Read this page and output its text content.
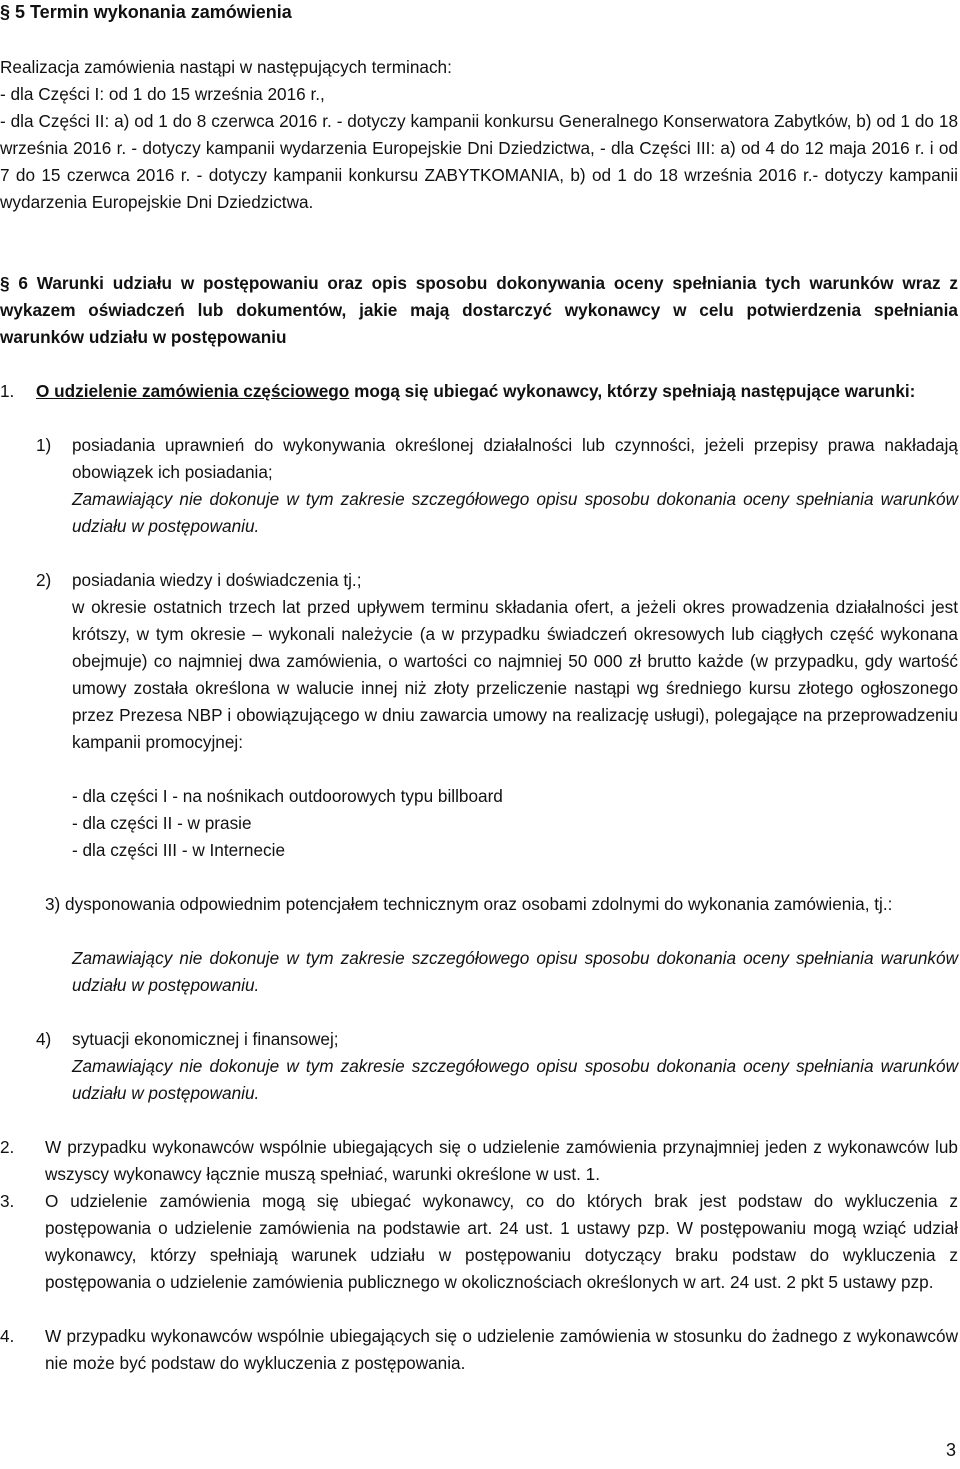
§ 5 Termin wykonania zamówienia
Realizacja zamówienia nastąpi w następujących terminach:
- dla Części I: od 1 do 15 września 2016 r.,
- dla Części II: a) od 1 do 8 czerwca 2016 r. - dotyczy kampanii konkursu Generalnego Konserwatora Zabytków, b) od 1 do 18 września 2016 r. - dotyczy kampanii wydarzenia Europejskie Dni Dziedzictwa, - dla Części III: a) od 4 do 12 maja 2016 r. i od 7 do 15 czerwca 2016 r. - dotyczy kampanii konkursu ZABYTKOMANIA, b) od 1 do 18 września 2016 r.- dotyczy kampanii wydarzenia Europejskie Dni Dziedzictwa.
§ 6 Warunki udziału w postępowaniu oraz opis sposobu dokonywania oceny spełniania tych warunków wraz z wykazem oświadczeń lub dokumentów, jakie mają dostarczyć wykonawcy w celu potwierdzenia spełniania warunków udziału w postępowaniu
1. O udzielenie zamówienia częściowego mogą się ubiegać wykonawcy, którzy spełniają następujące warunki:
1) posiadania uprawnień do wykonywania określonej działalności lub czynności, jeżeli przepisy prawa nakładają obowiązek ich posiadania;
Zamawiający nie dokonuje w tym zakresie szczegółowego opisu sposobu dokonania oceny spełniania warunków udziału w postępowaniu.
2) posiadania wiedzy i doświadczenia tj.;
w okresie ostatnich trzech lat przed upływem terminu składania ofert, a jeżeli okres prowadzenia działalności jest krótszy, w tym okresie – wykonali należycie (a w przypadku świadczeń okresowych lub ciągłych część wykonana obejmuje) co najmniej dwa zamówienia, o wartości co najmniej 50 000 zł brutto każde (w przypadku, gdy wartość umowy została określona w walucie innej niż złoty przeliczenie nastąpi wg średniego kursu złotego ogłoszonego przez Prezesa NBP i obowiązującego w dniu zawarcia umowy na realizację usługi), polegające na przeprowadzeniu kampanii promocyjnej:
- dla części I - na nośnikach outdoorowych typu billboard
- dla części II - w prasie
- dla części III - w Internecie
3) dysponowania odpowiednim potencjałem technicznym oraz osobami zdolnymi do wykonania zamówienia, tj.:
Zamawiający nie dokonuje w tym zakresie szczegółowego opisu sposobu dokonania oceny spełniania warunków udziału w postępowaniu.
4) sytuacji ekonomicznej i finansowej;
Zamawiający nie dokonuje w tym zakresie szczegółowego opisu sposobu dokonania oceny spełniania warunków udziału w postępowaniu.
2. W przypadku wykonawców wspólnie ubiegających się o udzielenie zamówienia przynajmniej jeden z wykonawców lub wszyscy wykonawcy łącznie muszą spełniać, warunki określone w ust. 1.
3. O udzielenie zamówienia mogą się ubiegać wykonawcy, co do których brak jest podstaw do wykluczenia z postępowania o udzielenie zamówienia na podstawie art. 24 ust. 1 ustawy pzp. W postępowaniu mogą wziąć udział wykonawcy, którzy spełniają warunek udziału w postępowaniu dotyczący braku podstaw do wykluczenia z postępowania o udzielenie zamówienia publicznego w okolicznościach określonych w art. 24 ust. 2 pkt 5 ustawy pzp.
4. W przypadku wykonawców wspólnie ubiegających się o udzielenie zamówienia w stosunku do żadnego z wykonawców nie może być podstaw do wykluczenia z postępowania.
3
